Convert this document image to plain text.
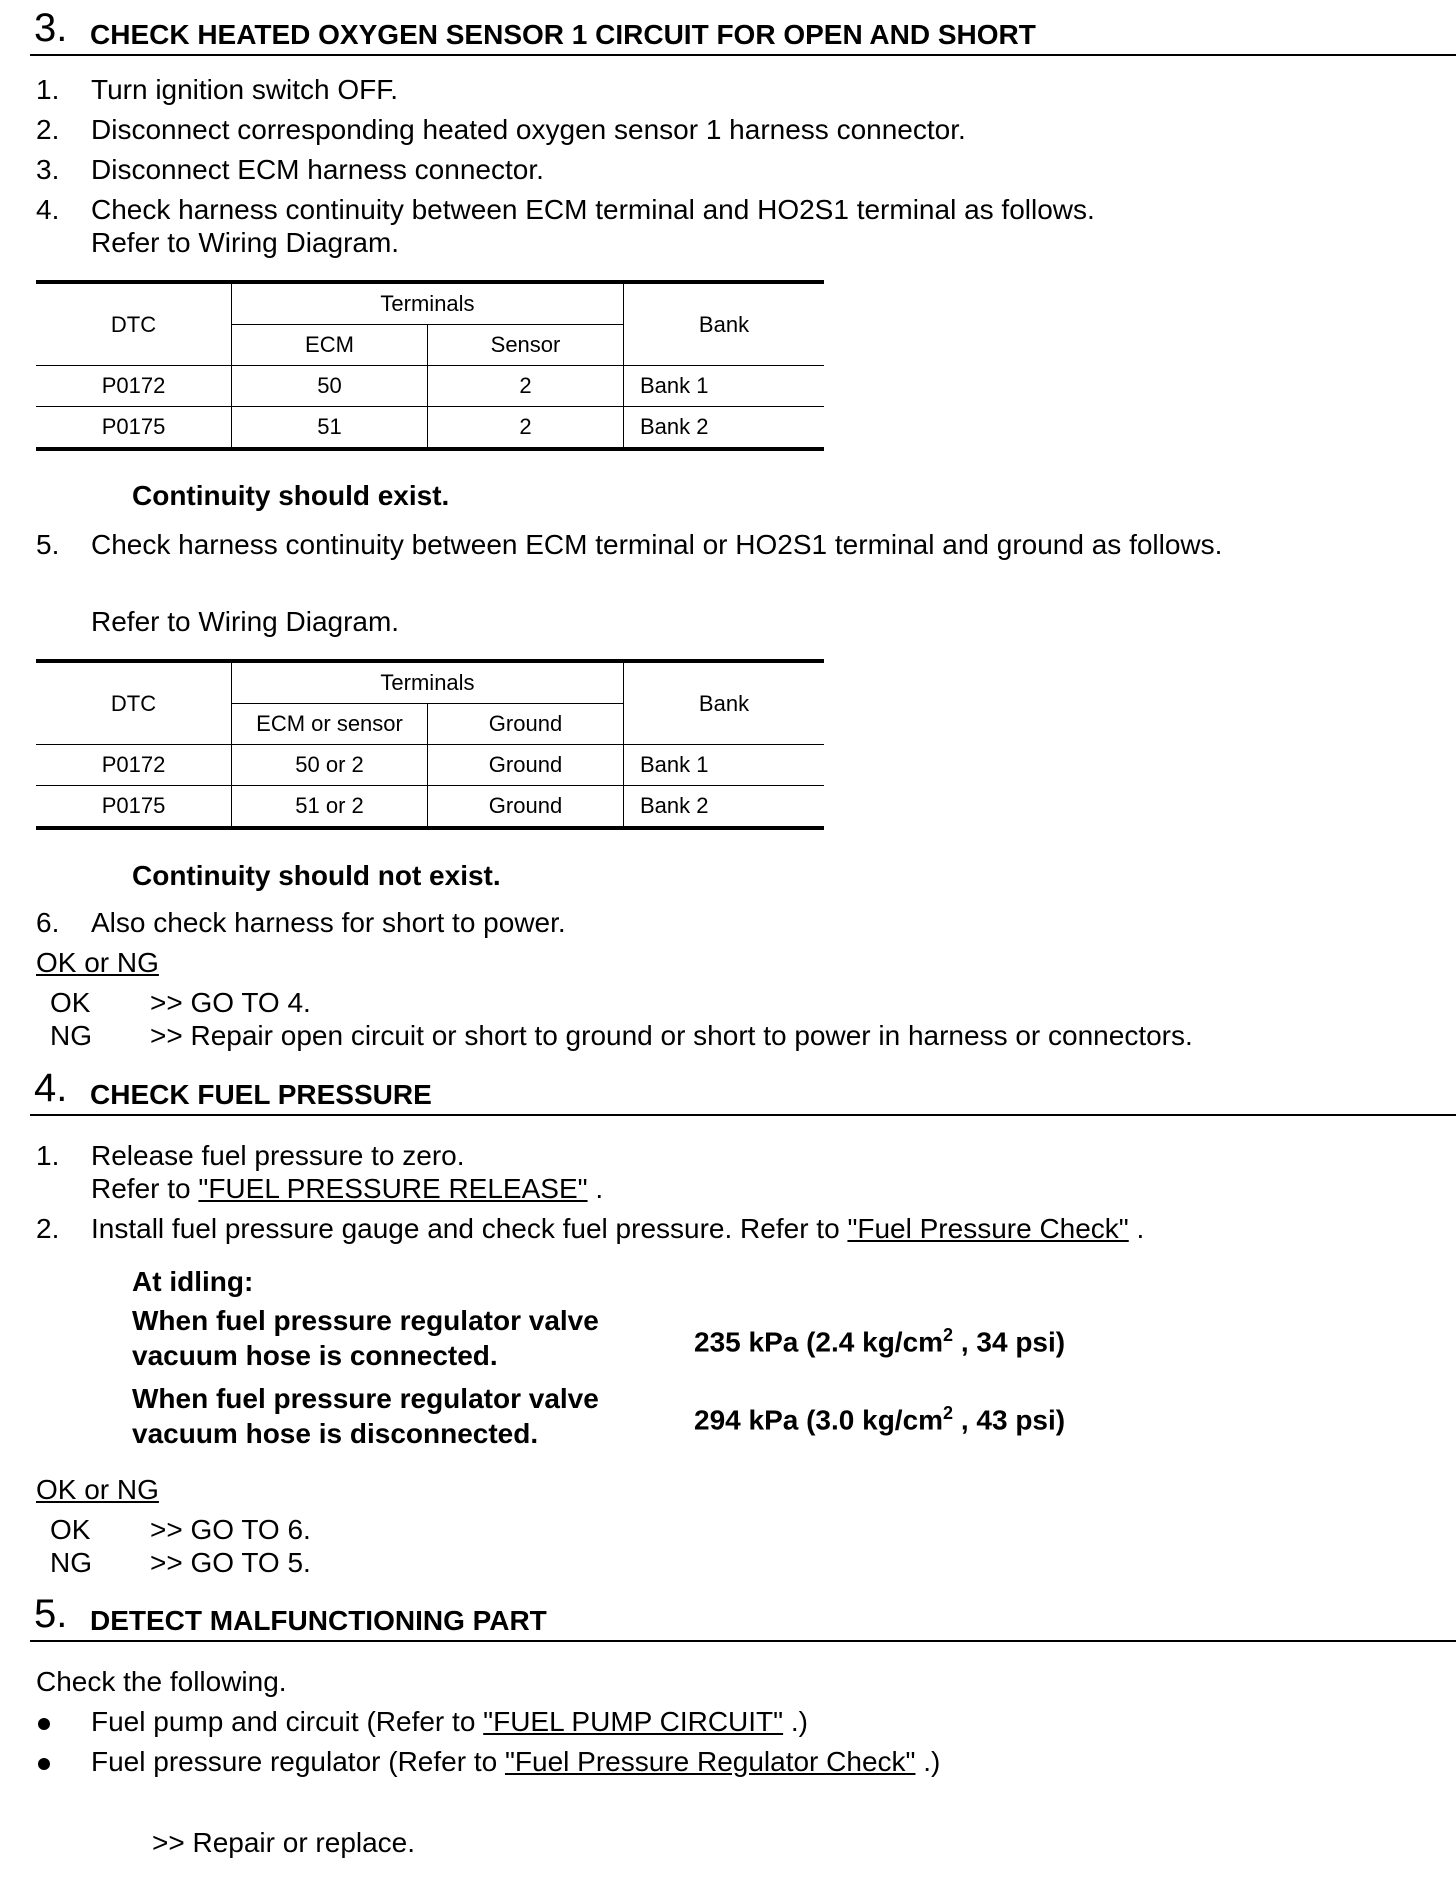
3. CHECK HEATED OXYGEN SENSOR 1 CIRCUIT FOR OPEN AND SHORT
1. Turn ignition switch OFF.
2. Disconnect corresponding heated oxygen sensor 1 harness connector.
3. Disconnect ECM harness connector.
4. Check harness continuity between ECM terminal and HO2S1 terminal as follows.
Refer to Wiring Diagram.
DTC	Terminals		Bank
	ECM	Sensor	
P0172	50	2	Bank 1
P0175	51	2	Bank 2
Continuity should exist.
5. Check harness continuity between ECM terminal or HO2S1 terminal and ground as follows.
Refer to Wiring Diagram.
DTC	Terminals		Bank
	ECM or sensor	Ground	
P0172	50 or 2	Ground	Bank 1
P0175	51 or 2	Ground	Bank 2
Continuity should not exist.
6. Also check harness for short to power.
OK or NG
OK >> GO TO 4.
NG >> Repair open circuit or short to ground or short to power in harness or connectors.
4. CHECK FUEL PRESSURE
1. Release fuel pressure to zero.
Refer to "FUEL PRESSURE RELEASE" .
2. Install fuel pressure gauge and check fuel pressure. Refer to "Fuel Pressure Check" .
At idling:
When fuel pressure regulator valve
vacuum hose is connected.	235 kPa (2.4 $kg/cm^2$ , 34 psi)
When fuel pressure regulator valve
vacuum hose is disconnected.	294 kPa (3.0 $kg/cm^2$ , 43 psi)
OK or NG
OK >> GO TO 6.
NG >> GO TO 5.
5. DETECT MALFUNCTIONING PART
Check the following.
Fuel pump and circuit (Refer to "FUEL PUMP CIRCUIT" .)
Fuel pressure regulator (Refer to "Fuel Pressure Regulator Check" .)
>> Repair or replace.
